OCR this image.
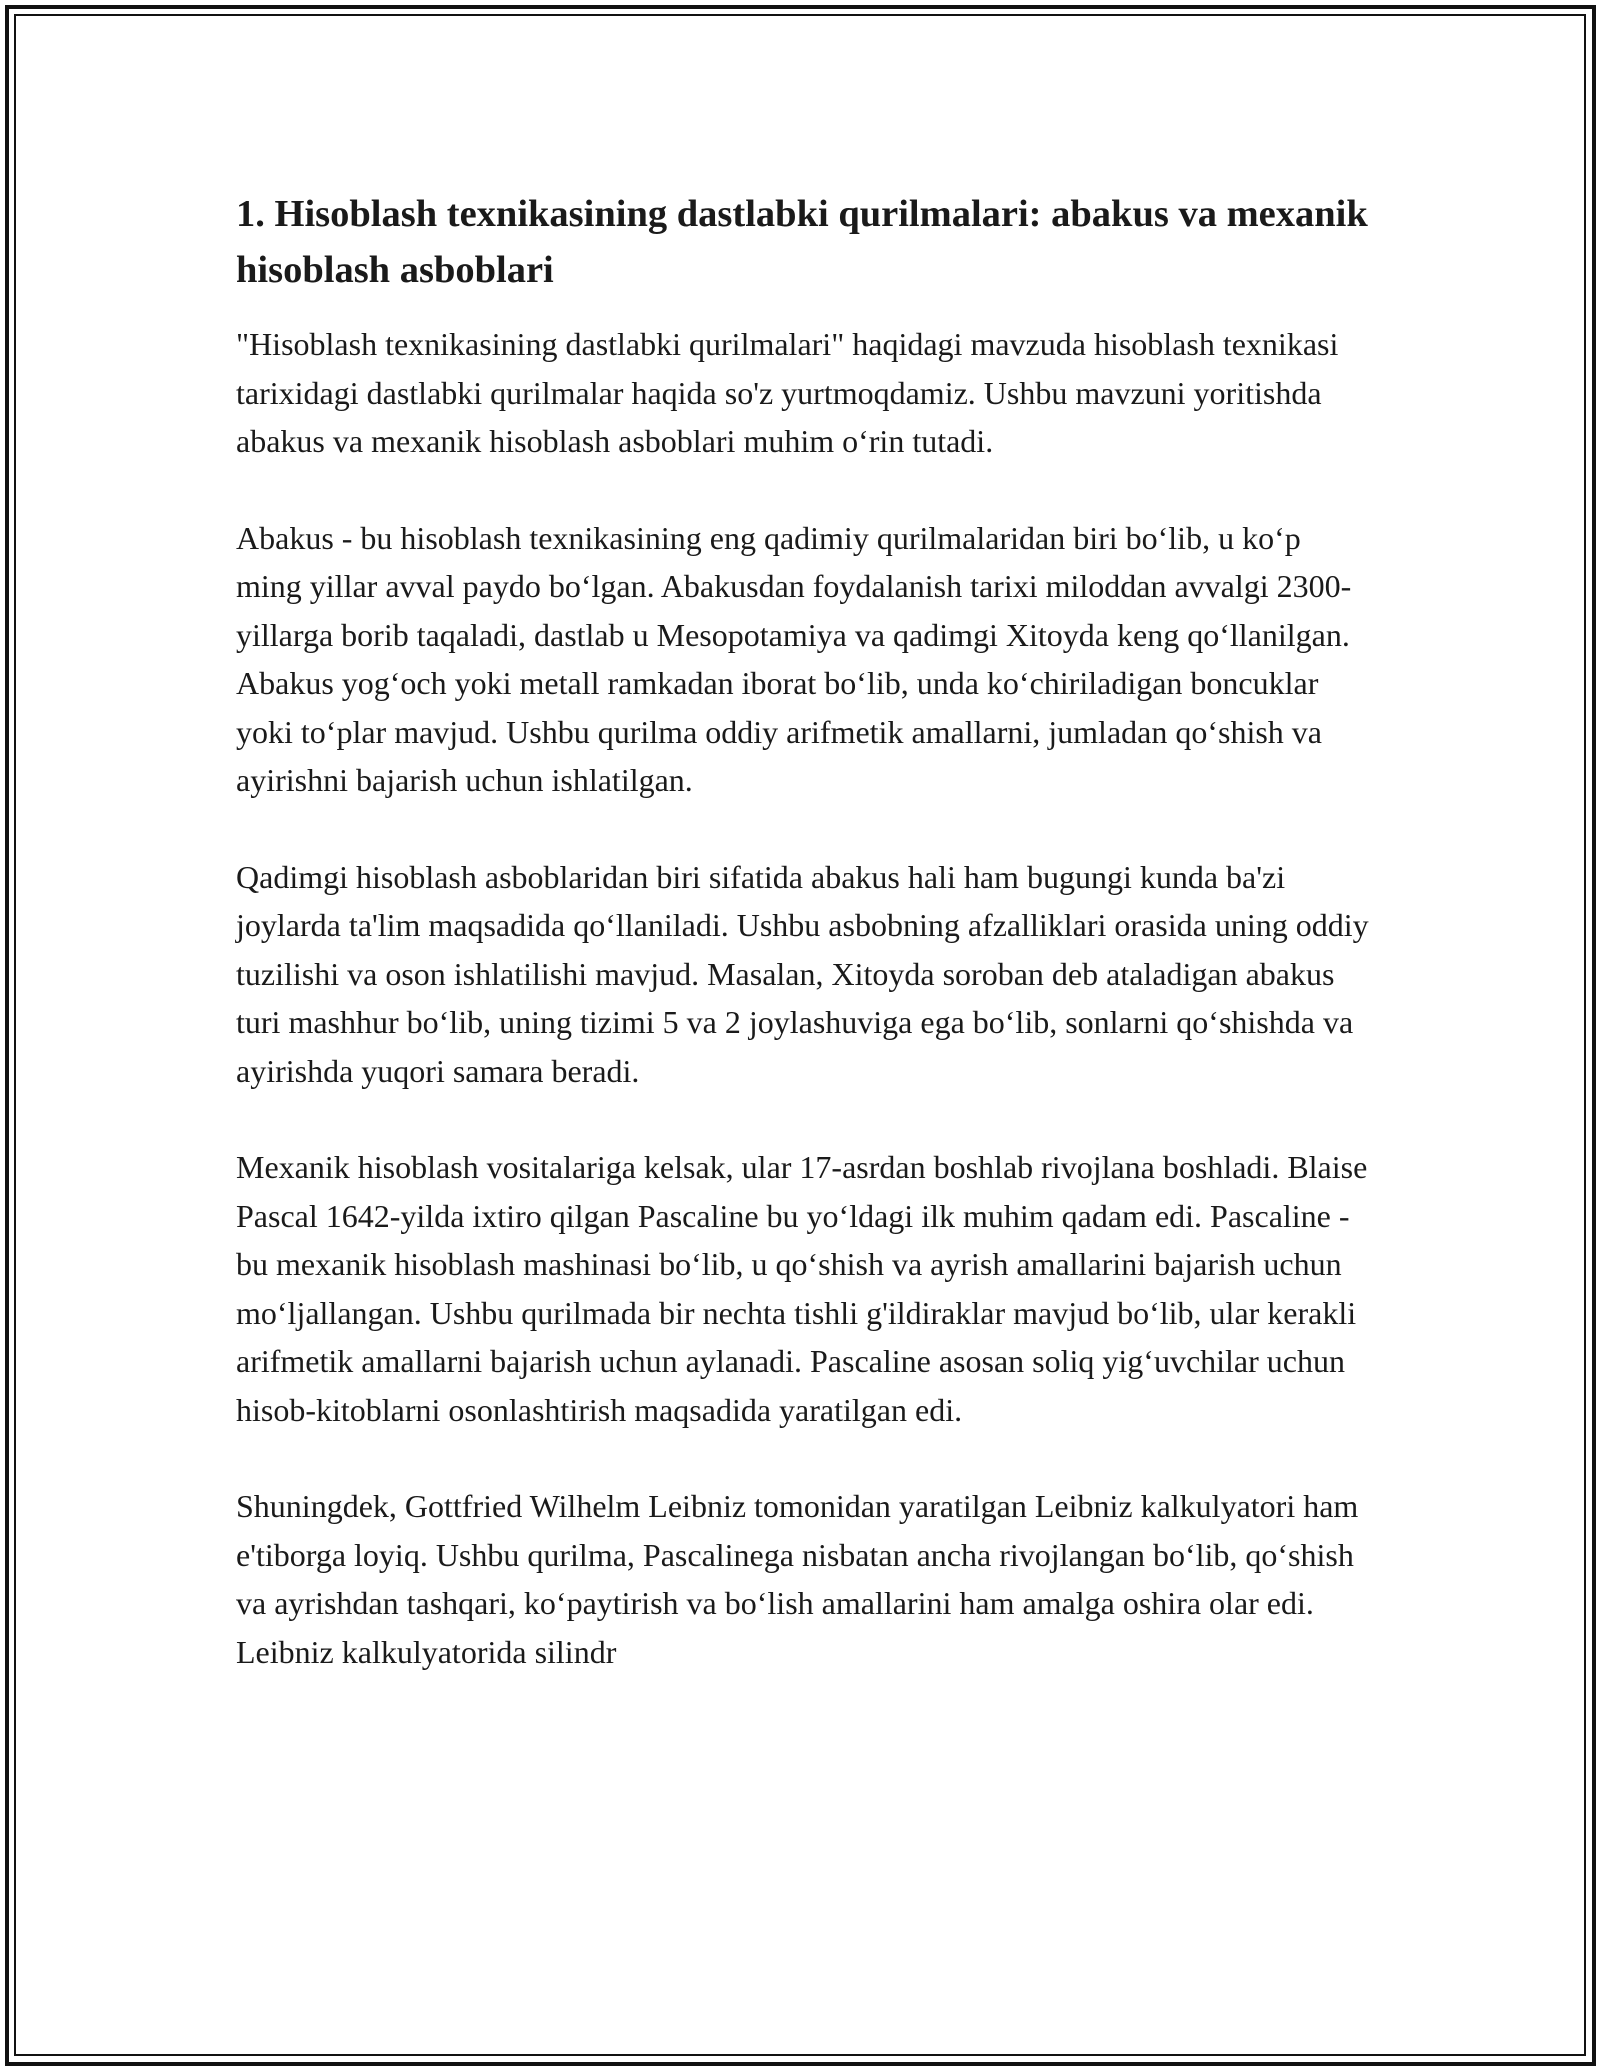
1. Hisoblash texnikasining dastlabki qurilmalari: abakus va mexanik hisoblash asboblari

"Hisoblash texnikasining dastlabki qurilmalari" haqidagi mavzuda hisoblash texnikasi tarixidagi dastlabki qurilmalar haqida so'z yurtmoqdamiz. Ushbu mavzuni yoritishda abakus va mexanik hisoblash asboblari muhim oʻrin tutadi.

Abakus - bu hisoblash texnikasining eng qadimiy qurilmalaridan biri boʻlib, u koʻp ming yillar avval paydo boʻlgan. Abakusdan foydalanish tarixi miloddan avvalgi 2300-yillarga borib taqaladi, dastlab u Mesopotamiya va qadimgi Xitoyda keng qoʻllanilgan. Abakus yogʻoch yoki metall ramkadan iborat boʻlib, unda koʻchiriladigan boncuklar yoki toʻplar mavjud. Ushbu qurilma oddiy arifmetik amallarni, jumladan qoʻshish va ayirishni bajarish uchun ishlatilgan.

Qadimgi hisoblash asboblaridan biri sifatida abakus hali ham bugungi kunda ba'zi joylarda ta'lim maqsadida qoʻllaniladi. Ushbu asbobning afzalliklari orasida uning oddiy tuzilishi va oson ishlatilishi mavjud. Masalan, Xitoyda soroban deb ataladigan abakus turi mashhur boʻlib, uning tizimi 5 va 2 joylashuviga ega boʻlib, sonlarni qoʻshishda va ayirishda yuqori samara beradi.

Mexanik hisoblash vositalariga kelsak, ular 17-asrdan boshlab rivojlana boshladi. Blaise Pascal 1642-yilda ixtiro qilgan Pascaline bu yoʻldagi ilk muhim qadam edi. Pascaline - bu mexanik hisoblash mashinasi boʻlib, u qoʻshish va ayrish amallarini bajarish uchun moʻljallangan. Ushbu qurilmada bir nechta tishli g'ildiraklar mavjud boʻlib, ular kerakli arifmetik amallarni bajarish uchun aylanadi. Pascaline asosan soliq yigʻuvchilar uchun hisob-kitoblarni osonlashtirish maqsadida yaratilgan edi.

Shuningdek, Gottfried Wilhelm Leibniz tomonidan yaratilgan Leibniz kalkulyatori ham e'tiborga loyiq. Ushbu qurilma, Pascalinega nisbatan ancha rivojlangan boʻlib, qoʻshish va ayrishdan tashqari, koʻpaytirish va boʻlish amallarini ham amalga oshira olar edi. Leibniz kalkulyatorida silindr
